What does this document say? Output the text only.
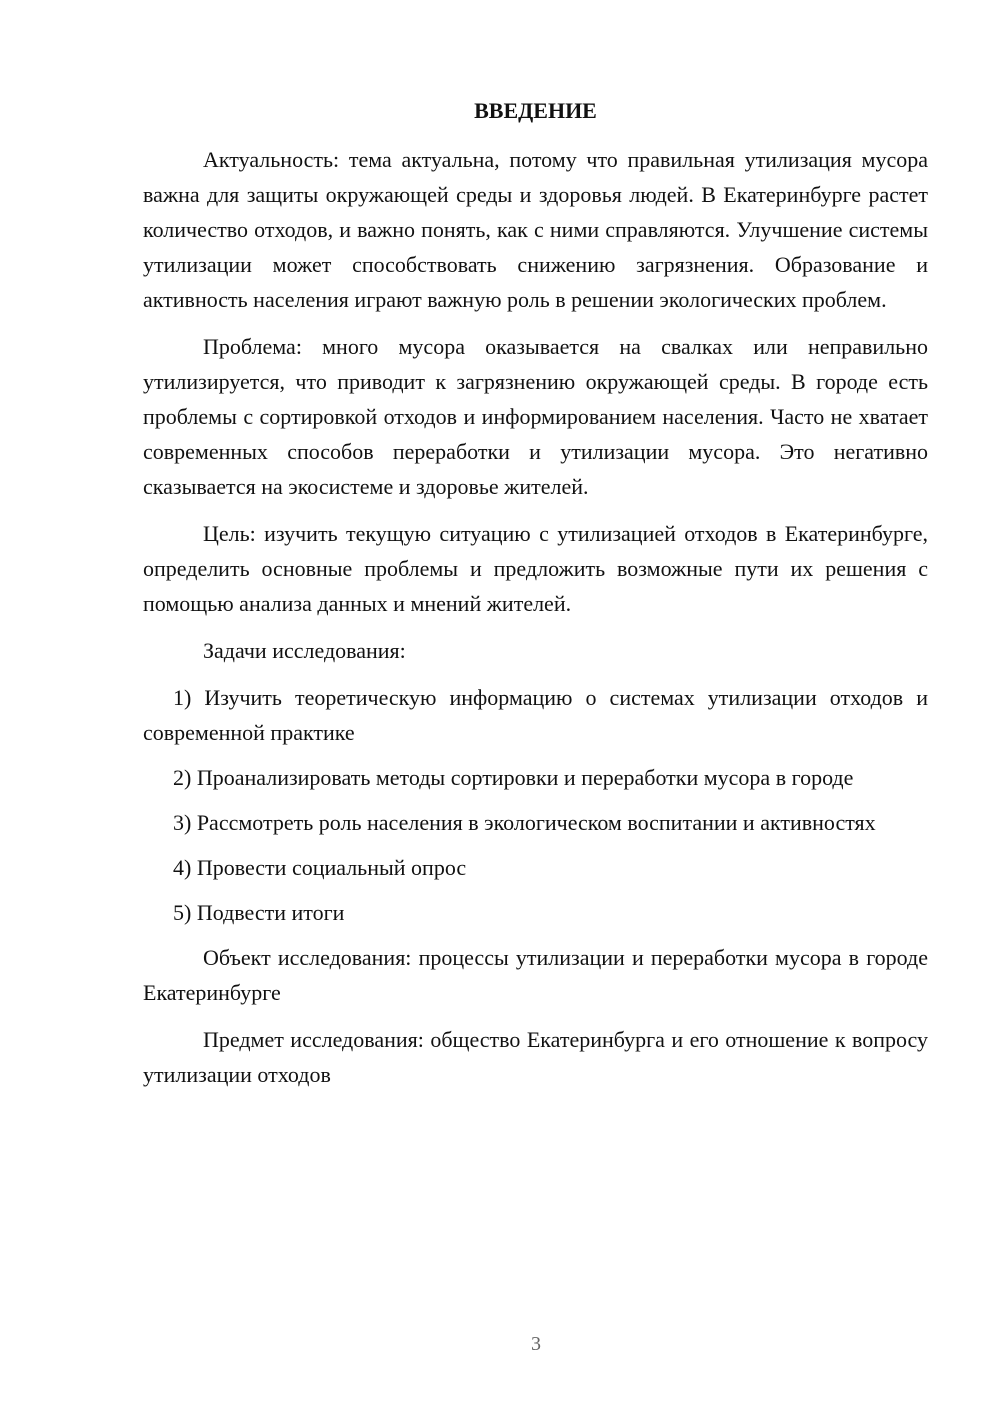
ВВЕДЕНИЕ

Актуальность: тема актуальна, потому что правильная утилизация мусора важна для защиты окружающей среды и здоровья людей. В Екатеринбурге растет количество отходов, и важно понять, как с ними справляются. Улучшение системы утилизации может способствовать снижению загрязнения. Образование и активность населения играют важную роль в решении экологических проблем.

Проблема: много мусора оказывается на свалках или неправильно утилизируется, что приводит к загрязнению окружающей среды. В городе есть проблемы с сортировкой отходов и информированием населения. Часто не хватает современных способов переработки и утилизации мусора. Это негативно сказывается на экосистеме и здоровье жителей.

Цель: изучить текущую ситуацию с утилизацией отходов в Екатеринбурге, определить основные проблемы и предложить возможные пути их решения с помощью анализа данных и мнений жителей.

Задачи исследования:

1) Изучить теоретическую информацию о системах утилизации отходов и современной практике

2) Проанализировать методы сортировки и переработки мусора в городе

3) Рассмотреть роль населения в экологическом воспитании и активностях

4) Провести социальный опрос

5) Подвести итоги

Объект исследования: процессы утилизации и переработки мусора в городе Екатеринбурге

Предмет исследования: общество Екатеринбурга и его отношение к вопросу утилизации отходов

3
